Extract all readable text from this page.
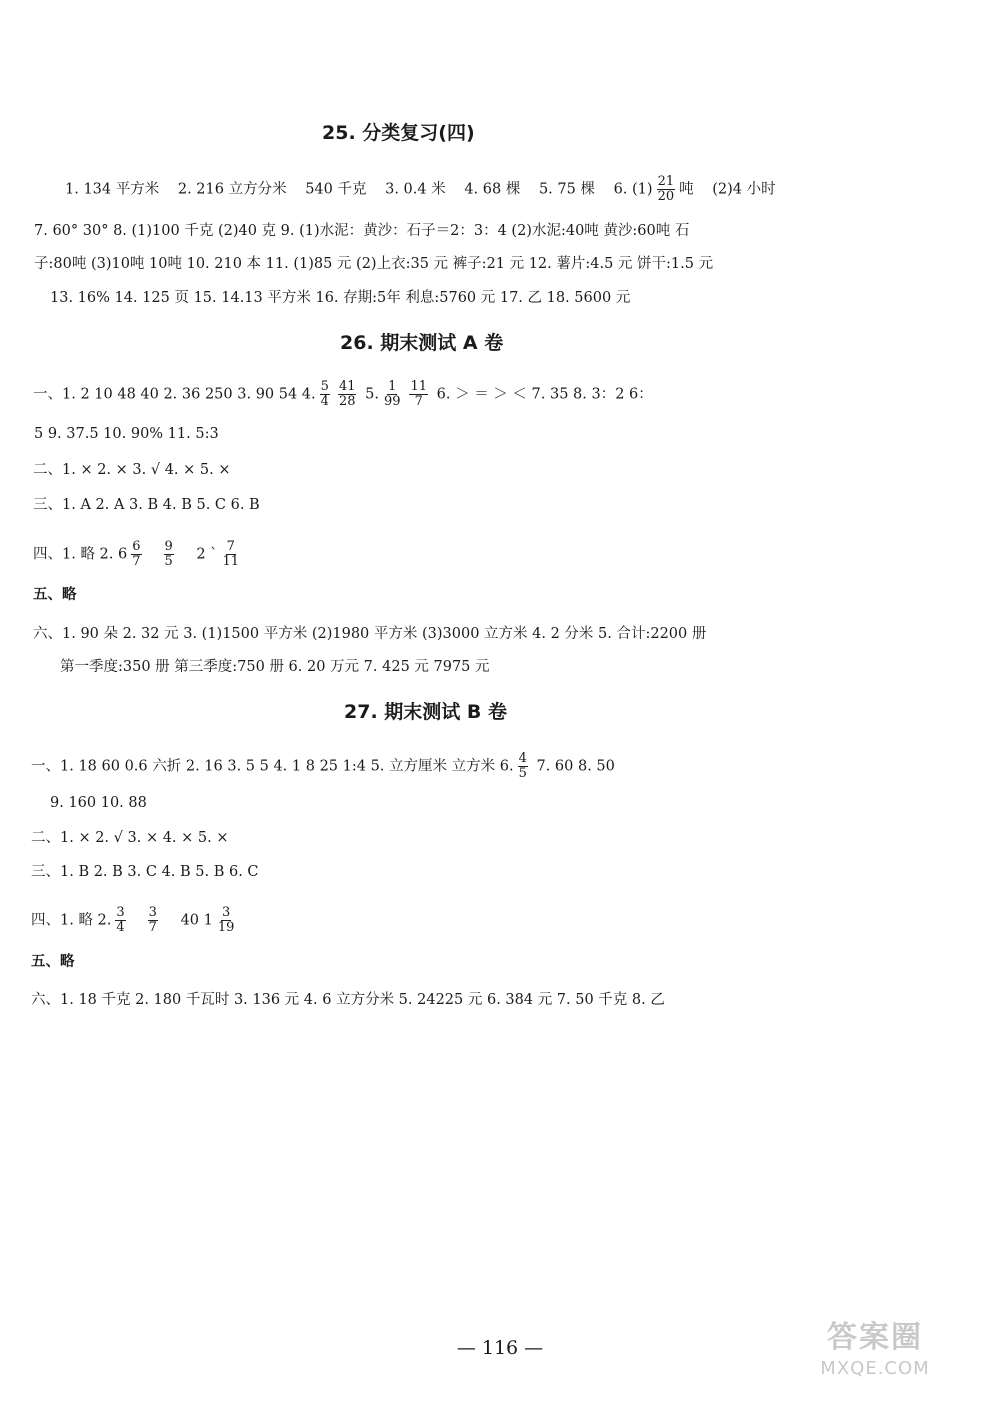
25. 分类复习(四)
1. 134 平方米 2. 216 立方分米 540 千克 3. 0.4 米 4. 68 棵 5. 75 棵 6. $(1) \frac{21}{20}$ 吨 (2)4 小时
7. 60° 30° 8. (1)100 千克 (2)40 克 9. (1)水泥：黄沙：石子＝2：3：4 (2)水泥:40吨 黄沙:60吨 石
子:80吨 (3)10吨 10吨 10. 210 本 11. (1)85 元 (2)上衣:35 元 裤子:21 元 12. 薯片:4.5 元 饼干:1.5 元
13. 16% 14. 125 页 15. 14.13 平方米 16. 存期:5年 利息:5760 元 17. 乙 18. 5600 元
26. 期末测试 A 卷
一、1. 2 10 48 40 2. 36 250 3. 90 54 4. $\frac{5}{4} \frac{41}{28} 5$. $\frac{1}{99} \frac{11}{7} 6$. ＞ ＝ ＞ ＜ 7. 35 8. 3：2 6：
5 9. 37.5 10. 90% 11. 5:3
二、1. × 2. × 3. √ 4. × 5. ×
三、1. A 2. A 3. B 4. B 5. C 6. B
四、1. 略 2. $6 \frac{6}{7} \frac{9}{5} 2$ ` $\frac{7}{11}$
五、略
六、1. 90 朵 2. 32 元 3. (1)1500 平方米 (2)1980 平方米 (3)3000 立方米 4. 2 分米 5. 合计:2200 册
第一季度:350 册 第三季度:750 册 6. 20 万元 7. 425 元 7975 元
27. 期末测试 B 卷
一、1. 18 60 0.6 六折 2. 16 3. 5 5 4. 1 8 25 1:4 5. 立方厘米 立方米 6. $\frac{4}{5} 7$. 60 8. 50
9. 160 10. 88
二、1. × 2. √ 3. × 4. × 5. ×
三、1. B 2. B 3. C 4. B 5. B 6. C
四、1. 略 2. $\frac{3}{4} \frac{3}{7} 40$ $1 \frac{3}{19}$
五、略
六、1. 18 千克 2. 180 千瓦时 3. 136 元 4. 6 立方分米 5. 24225 元 6. 384 元 7. 50 千克 8. 乙
— 116 —	答案圈
MXQE.COM
